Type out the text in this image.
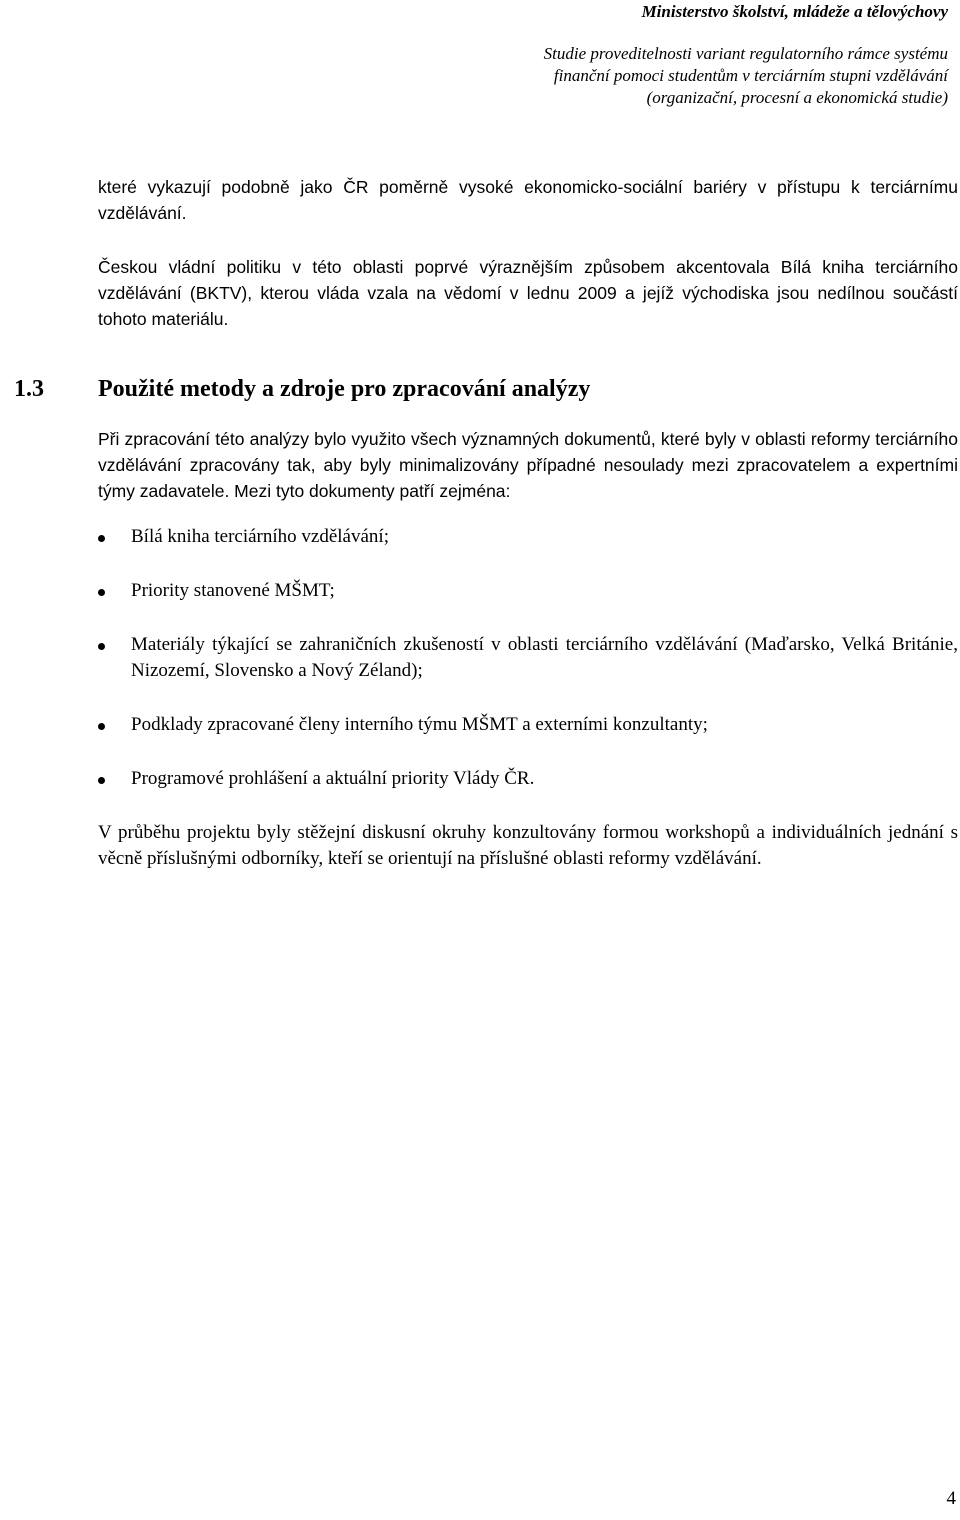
Ministerstvo školství, mládeže a tělovýchovy
Studie proveditelnosti variant regulatorního rámce systému
finanční pomoci studentům v terciárním stupni vzdělávání
(organizační, procesní a ekonomická studie)

které vykazují podobně jako ČR poměrně vysoké ekonomicko-sociální bariéry v přístupu k terciárnímu vzdělávání.

Českou vládní politiku v této oblasti poprvé výraznějším způsobem akcentovala Bílá kniha terciárního vzdělávání (BKTV), kterou vláda vzala na vědomí v lednu 2009 a jejíž východiska jsou nedílnou součástí tohoto materiálu.

1.3 Použité metody a zdroje pro zpracování analýzy

Při zpracování této analýzy bylo využito všech významných dokumentů, které byly v oblasti reformy terciárního vzdělávání zpracovány tak, aby byly minimalizovány případné nesoulady mezi zpracovatelem a expertními týmy zadavatele. Mezi tyto dokumenty patří zejména:

Bílá kniha terciárního vzdělávání;
Priority stanovené MŠMT;
Materiály týkající se zahraničních zkušeností v oblasti terciárního vzdělávání (Maďarsko, Velká Británie, Nizozemí, Slovensko a Nový Zéland);
Podklady zpracované členy interního týmu MŠMT a externími konzultanty;
Programové prohlášení a aktuální priority Vlády ČR.

V průběhu projektu byly stěžejní diskusní okruhy konzultovány formou workshopů a individuálních jednání s věcně příslušnými odborníky, kteří se orientují na příslušné oblasti reformy vzdělávání.

4
